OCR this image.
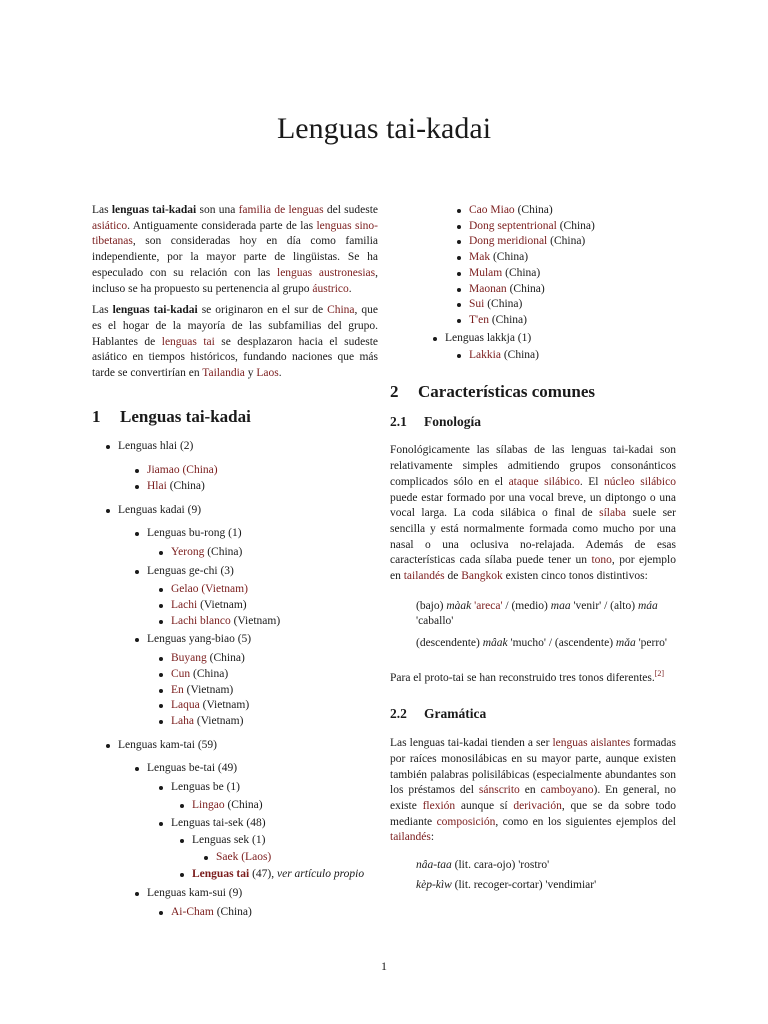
Lenguas tai-kadai

Las lenguas tai-kadai son una familia de lenguas del sudeste asiático. Antiguamente considerada parte de las lenguas sino-tibetanas, son consideradas hoy en día como familia independiente, por la mayor parte de lingüistas. Se ha especulado con su relación con las lenguas austronesias, incluso se ha propuesto su pertenencia al grupo áustrico.

Las lenguas tai-kadai se originaron en el sur de China, que es el hogar de la mayoría de las subfamilias del grupo. Hablantes de lenguas tai se desplazaron hacia el sudeste asiático en tiempos históricos, fundando naciones que más tarde se convertirían en Tailandia y Laos.

1 Lenguas tai-kadai
Lenguas hlai (2)
Jiamao (China)
Hlai (China)
Lenguas kadai (9)
Lenguas bu-rong (1)
Yerong (China)
Lenguas ge-chi (3)
Gelao (Vietnam)
Lachi (Vietnam)
Lachi blanco (Vietnam)
Lenguas yang-biao (5)
Buyang (China)
Cun (China)
En (Vietnam)
Laqua (Vietnam)
Laha (Vietnam)
Lenguas kam-tai (59)
Lenguas be-tai (49)
Lenguas be (1)
Lingao (China)
Lenguas tai-sek (48)
Lenguas sek (1)
Saek (Laos)
Lenguas tai (47), ver artículo propio
Lenguas kam-sui (9)
Ai-Cham (China)
Cao Miao (China)
Dong septentrional (China)
Dong meridional (China)
Mak (China)
Mulam (China)
Maonan (China)
Sui (China)
T'en (China)
Lenguas lakkja (1)
Lakkia (China)
2 Características comunes
2.1 Fonología

Fonológicamente las sílabas de las lenguas tai-kadai son relativamente simples admitiendo grupos consonánticos complicados sólo en el ataque silábico. El núcleo silábico puede estar formado por una vocal breve, un diptongo o una vocal larga. La coda silábica o final de sílaba suele ser sencilla y está normalmente formada como mucho por una nasal o una oclusiva no-relajada. Además de esas características cada sílaba puede tener un tono, por ejemplo en tailandés de Bangkok existen cinco tonos distintivos:

(bajo) màak 'areca' / (medio) maa 'venir' / (alto) máa 'caballo'

(descendente) mâak 'mucho' / (ascendente) mǎa 'perro'

Para el proto-tai se han reconstruido tres tonos diferentes.[2]

2.2 Gramática

Las lenguas tai-kadai tienden a ser lenguas aislantes formadas por raíces monosilábicas en su mayor parte, aunque existen también palabras polisilábicas (especialmente abundantes son los préstamos del sánscrito en camboyano). En general, no existe flexión aunque sí derivación, que se da sobre todo mediante composición, como en los siguientes ejemplos del tailandés:

nâa-taa (lit. cara-ojo) 'rostro'

kèp-kìw (lit. recoger-cortar) 'vendimiar'

1
